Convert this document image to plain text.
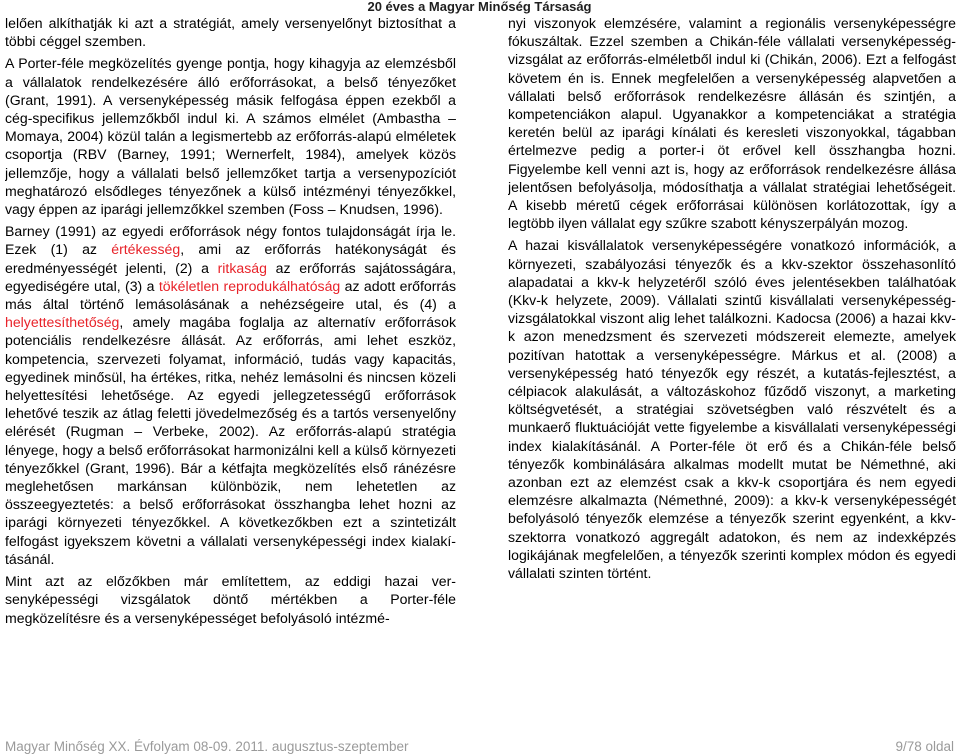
20 éves a Magyar Minőség Társaság

lelően alkíthatják ki azt a stratégiát, amely versenyelőnyt biztosíthat a többi céggel szemben.

A Porter-féle megközelítés gyenge pontja, hogy kihagyja az elemzésből a vállalatok rendelkezésére álló erőforrásokat, a belső tényezőket (Grant, 1991). A versenyképesség másik felfogása éppen ezekből a cég-specifikus jellemzőkből indul ki. A számos elmélet (Ambastha – Momaya, 2004) közül talán a legismertebb az erőforrás-alapú elméletek csoportja (RBV (Barney, 1991; Wernerfelt, 1984), amelyek közös jellemzője, hogy a vállalati belső jellemzőket tartja a versenypozíciót meghatározó elsődleges tényezőnek a külső intézményi tényezőkkel, vagy éppen az iparági jellemzőkkel szemben (Foss – Knudsen, 1996).

Barney (1991) az egyedi erőforrások négy fontos tulajdonságát írja le. Ezek (1) az értékesség, ami az erőforrás hatékonyságát és eredményességét jelenti, (2) a ritkaság az erőforrás sajátosságára, egyediségére utal, (3) a tökéletlen reprodukálhatóság az adott erőforrás más által történő lemásolásának a nehézségeire utal, és (4) a helyettesíthetőség, amely magába foglalja az alternatív erőforrások potenciális rendelkezésre állását. Az erőforrás, ami lehet eszköz, kompetencia, szervezeti folyamat, információ, tudás vagy kapacitás, egyedinek minősül, ha értékes, ritka, nehéz lemásolni és nincsen közeli helyettesítési lehetősége. Az egyedi jellegzetességű erőforrások lehetővé teszik az átlag feletti jövedelmezőség és a tartós versenyelőny elérését (Rugman – Verbeke, 2002). Az erőforrás-alapú stratégia lényege, hogy a belső erőforrásokat harmonizálni kell a külső környezeti tényezőkkel (Grant, 1996). Bár a kétfajta megközelítés első ránézésre meglehetősen markánsan különbözik, nem lehetetlen az összeegyeztetés: a belső erőforrásokat összhangba lehet hozni az iparági környezeti tényezőkkel. A következőkben ezt a szintetizált felfogást igyekszem követni a vállalati versenyképességi index kialakításánál.

Mint azt az előzőkben már említettem, az eddigi hazai versenyképességi vizsgálatok döntő mértékben a Porter-féle megközelítésre és a versenyképességet befolyásoló intézmé-

nyi viszonyok elemzésére, valamint a regionális versenyképességre fókuszáltak. Ezzel szemben a Chikán-féle vállalati versenyképesség-vizsgálat az erőforrás-elméletből indul ki (Chikán, 2006). Ezt a felfogást követem én is. Ennek megfelelően a versenyképesség alapvetően a vállalati belső erőforrások rendelkezésre állásán és szintjén, a kompetenciákon alapul. Ugyanakkor a kompetenciákat a stratégia keretén belül az iparági kínálati és keresleti viszonyokkal, tágabban értelmezve pedig a porter-i öt erővel kell összhangba hozni. Figyelembe kell venni azt is, hogy az erőforrások rendelkezésre állása jelentősen befolyásolja, módosíthatja a vállalat stratégiai lehetőségeit. A kisebb méretű cégek erőforrásai különösen korlátozottak, így a legtöbb ilyen vállalat egy szűkre szabott kényszerpályán mozog.

A hazai kisvállalatok versenyképességére vonatkozó információk, a környezeti, szabályozási tényezők és a kkv-szektor összehasonlító alapadatai a kkv-k helyzetéről szóló éves jelentésekben találhatóak (Kkv-k helyzete, 2009). Vállalati szintű kisvállalati versenyképesség-vizsgálatokkal viszont alig lehet találkozni. Kadocsa (2006) a hazai kkv-k azon menedzsment és szervezeti módszereit elemezte, amelyek pozitívan hatottak a versenyképességre. Márkus et al. (2008) a versenyképesség ható tényezők egy részét, a kutatás-fejlesztést, a célpiacok alakulását, a változáskohoz fűződő viszonyt, a marketing költségvetését, a stratégiai szövetségben való részvételt és a munkaerő fluktuációját vette figyelembe a kisvállalati versenyképességi index kialakításánál. A Porter-féle öt erő és a Chikán-féle belső tényezők kombinálására alkalmas modellt mutat be Némethné, aki azonban ezt az elemzést csak a kkv-k csoportjára és nem egyedi elemzésre alkalmazta (Némethné, 2009): a kkv-k versenyképességét befolyásoló tényezők elemzése a tényezők szerint egyenként, a kkv-szektorra vonatkozó aggregált adatokon, és nem az indexképzés logikájának megfelelően, a tényezők szerinti komplex módon és egyedi vállalati szinten történt.

Magyar Minőség XX. Évfolyam 08-09. 2011. augusztus-szeptember	9/78 oldal
